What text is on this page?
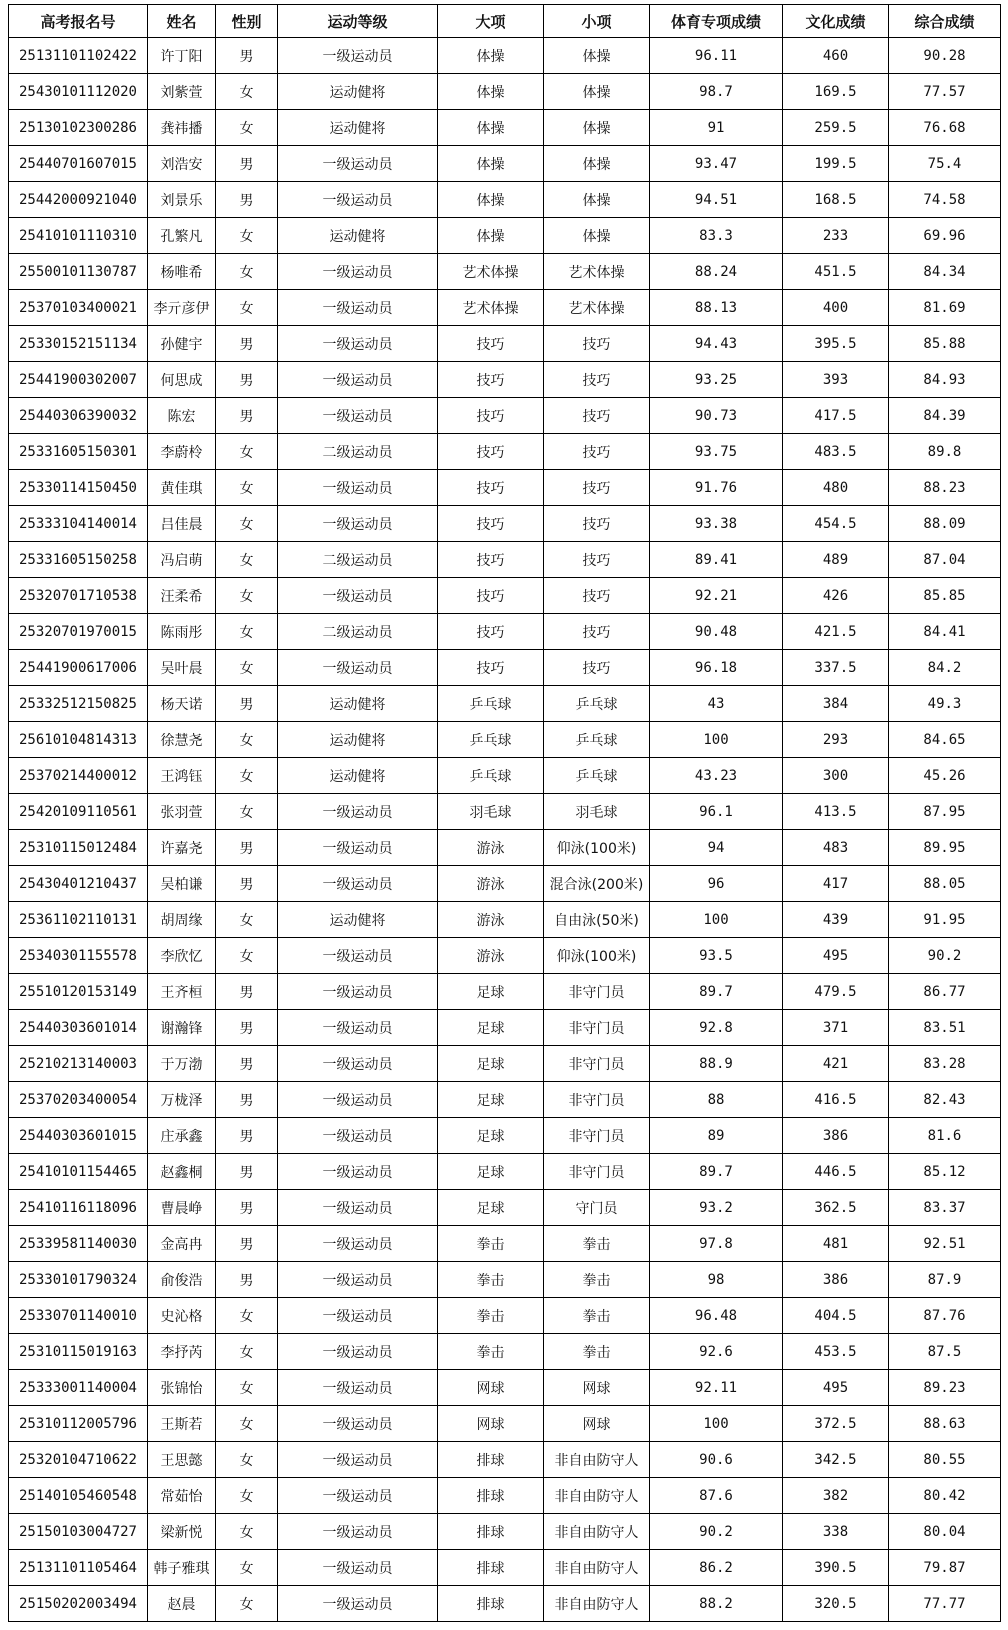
高考报名号	姓名	性别	运动等级	大项	小项	体育专项成绩	文化成绩	综合成绩
25131101102422	许丁阳	男	一级运动员	体操	体操	96.11	460	90.28
25430101112020	刘紫萱	女	运动健将	体操	体操	98.7	169.5	77.57
25130102300286	龚祎播	女	运动健将	体操	体操	91	259.5	76.68
25440701607015	刘浩安	男	一级运动员	体操	体操	93.47	199.5	75.4
25442000921040	刘景乐	男	一级运动员	体操	体操	94.51	168.5	74.58
25410101110310	孔繁凡	女	运动健将	体操	体操	83.3	233	69.96
25500101130787	杨唯希	女	一级运动员	艺术体操	艺术体操	88.24	451.5	84.34
25370103400021	李亓彦伊	女	一级运动员	艺术体操	艺术体操	88.13	400	81.69
25330152151134	孙健宇	男	一级运动员	技巧	技巧	94.43	395.5	85.88
25441900302007	何思成	男	一级运动员	技巧	技巧	93.25	393	84.93
25440306390032	陈宏	男	一级运动员	技巧	技巧	90.73	417.5	84.39
25331605150301	李蔚柃	女	二级运动员	技巧	技巧	93.75	483.5	89.8
25330114150450	黄佳琪	女	一级运动员	技巧	技巧	91.76	480	88.23
25333104140014	吕佳晨	女	一级运动员	技巧	技巧	93.38	454.5	88.09
25331605150258	冯启萌	女	二级运动员	技巧	技巧	89.41	489	87.04
25320701710538	汪柔希	女	一级运动员	技巧	技巧	92.21	426	85.85
25320701970015	陈雨彤	女	二级运动员	技巧	技巧	90.48	421.5	84.41
25441900617006	吴叶晨	女	一级运动员	技巧	技巧	96.18	337.5	84.2
25332512150825	杨天诺	男	运动健将	乒乓球	乒乓球	43	384	49.3
25610104814313	徐慧尧	女	运动健将	乒乓球	乒乓球	100	293	84.65
25370214400012	王鸿钰	女	运动健将	乒乓球	乒乓球	43.23	300	45.26
25420109110561	张羽萱	女	一级运动员	羽毛球	羽毛球	96.1	413.5	87.95
25310115012484	许嘉尧	男	一级运动员	游泳	仰泳(100米)	94	483	89.95
25430401210437	吴柏谦	男	一级运动员	游泳	混合泳(200米)	96	417	88.05
25361102110131	胡周缘	女	运动健将	游泳	自由泳(50米)	100	439	91.95
25340301155578	李欣忆	女	一级运动员	游泳	仰泳(100米)	93.5	495	90.2
25510120153149	王齐桓	男	一级运动员	足球	非守门员	89.7	479.5	86.77
25440303601014	谢瀚锋	男	一级运动员	足球	非守门员	92.8	371	83.51
25210213140003	于万渤	男	一级运动员	足球	非守门员	88.9	421	83.28
25370203400054	万栊泽	男	一级运动员	足球	非守门员	88	416.5	82.43
25440303601015	庄承鑫	男	一级运动员	足球	非守门员	89	386	81.6
25410101154465	赵鑫桐	男	一级运动员	足球	非守门员	89.7	446.5	85.12
25410116118096	曹晨峥	男	一级运动员	足球	守门员	93.2	362.5	83.37
25339581140030	金高冉	男	一级运动员	拳击	拳击	97.8	481	92.51
25330101790324	俞俊浩	男	一级运动员	拳击	拳击	98	386	87.9
25330701140010	史沁格	女	一级运动员	拳击	拳击	96.48	404.5	87.76
25310115019163	李抒芮	女	一级运动员	拳击	拳击	92.6	453.5	87.5
25333001140004	张锦怡	女	一级运动员	网球	网球	92.11	495	89.23
25310112005796	王斯若	女	一级运动员	网球	网球	100	372.5	88.63
25320104710622	王思懿	女	一级运动员	排球	非自由防守人	90.6	342.5	80.55
25140105460548	常茹怡	女	一级运动员	排球	非自由防守人	87.6	382	80.42
25150103004727	梁新悦	女	一级运动员	排球	非自由防守人	90.2	338	80.04
25131101105464	韩子雅琪	女	一级运动员	排球	非自由防守人	86.2	390.5	79.87
25150202003494	赵晨	女	一级运动员	排球	非自由防守人	88.2	320.5	77.77
